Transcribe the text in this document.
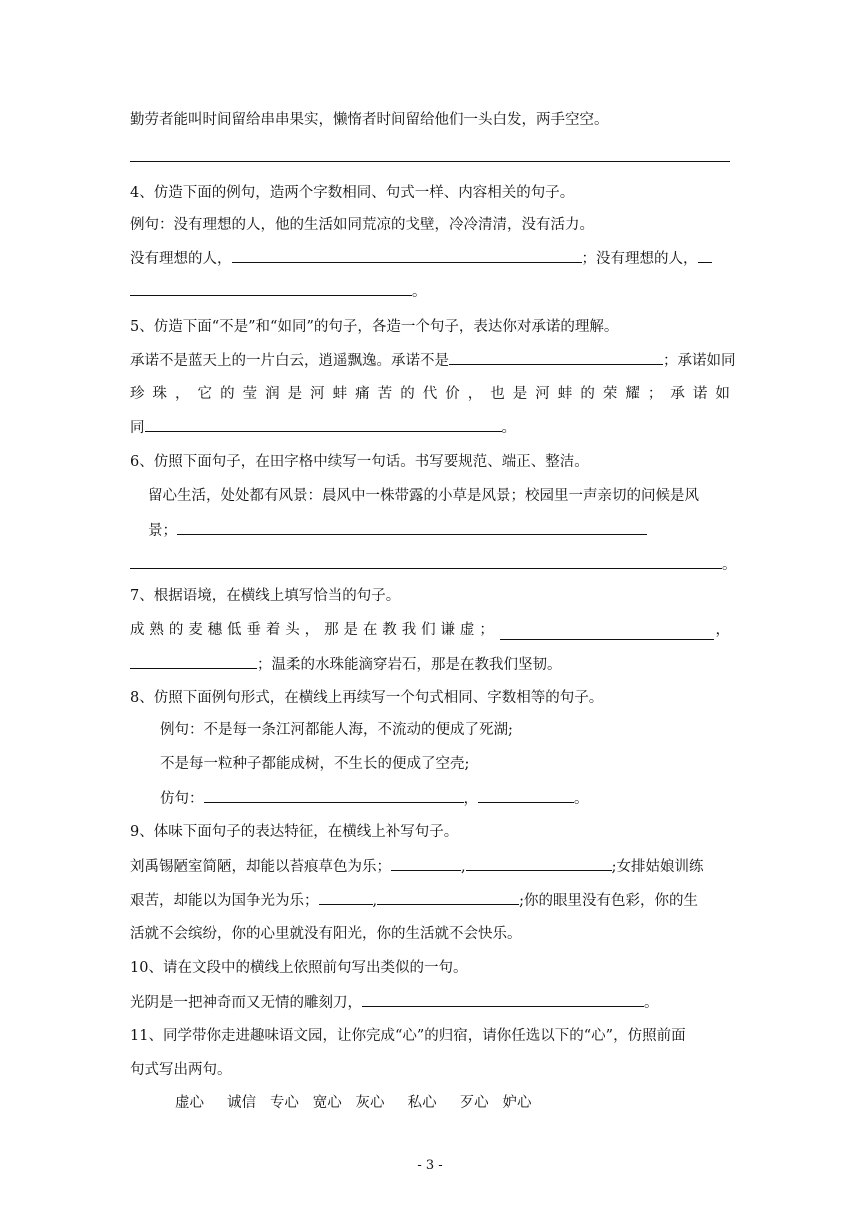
勤劳者能叫时间留给串串果实，懒惰者时间留给他们一头白发，两手空空。
4、仿造下面的例句，造两个字数相同、句式一样、内容相关的句子。
例句：没有理想的人，他的生活如同荒凉的戈壁，冷冷清清，没有活力。
没有理想的人，	；没有理想的人，
。
5、仿造下面“不是”和“如同”的句子，各造一个句子，表达你对承诺的理解。
承诺不是蓝天上的一片白云，逍遥飘逸。承诺不是	；承诺如同
珍 珠 ， 它 的 莹 润 是 河 蚌 痛 苦 的 代 价 ， 也 是 河 蚌 的 荣 耀 ； 承 诺 如
同	。
6、仿照下面句子，在田字格中续写一句话。书写要规范、端正、整洁。
留心生活，处处都有风景：晨风中一株带露的小草是风景；校园里一声亲切的问候是风
景；
。
7、根据语境，在横线上填写恰当的句子。
成 熟 的 麦 穗 低 垂 着 头 ， 那 是 在 教 我 们 谦 虚 ；	，
；温柔的水珠能滴穿岩石，那是在教我们坚韧。
8、仿照下面例句形式，在横线上再续写一个句式相同、字数相等的句子。
例句：不是每一条江河都能人海，不流动的便成了死湖;
不是每一粒种子都能成树，不生长的便成了空壳;
仿句：	，	。
9、体味下面句子的表达特征，在横线上补写句子。
刘禹锡陋室简陋，却能以苔痕草色为乐；	,	;女排姑娘训练
艰苦，却能以为国争光为乐；	,	;你的眼里没有色彩，你的生
活就不会缤纷，你的心里就没有阳光，你的生活就不会快乐。
10、请在文段中的横线上依照前句写出类似的一句。
光阴是一把神奇而又无情的雕刻刀，	。
11、同学带你走进趣味语文园，让你完成“心”的归宿，请你任选以下的“心”，仿照前面
句式写出两句。
虚心     诚信   专心   宽心   灰心     私心     歹心   妒心
- 3 -
